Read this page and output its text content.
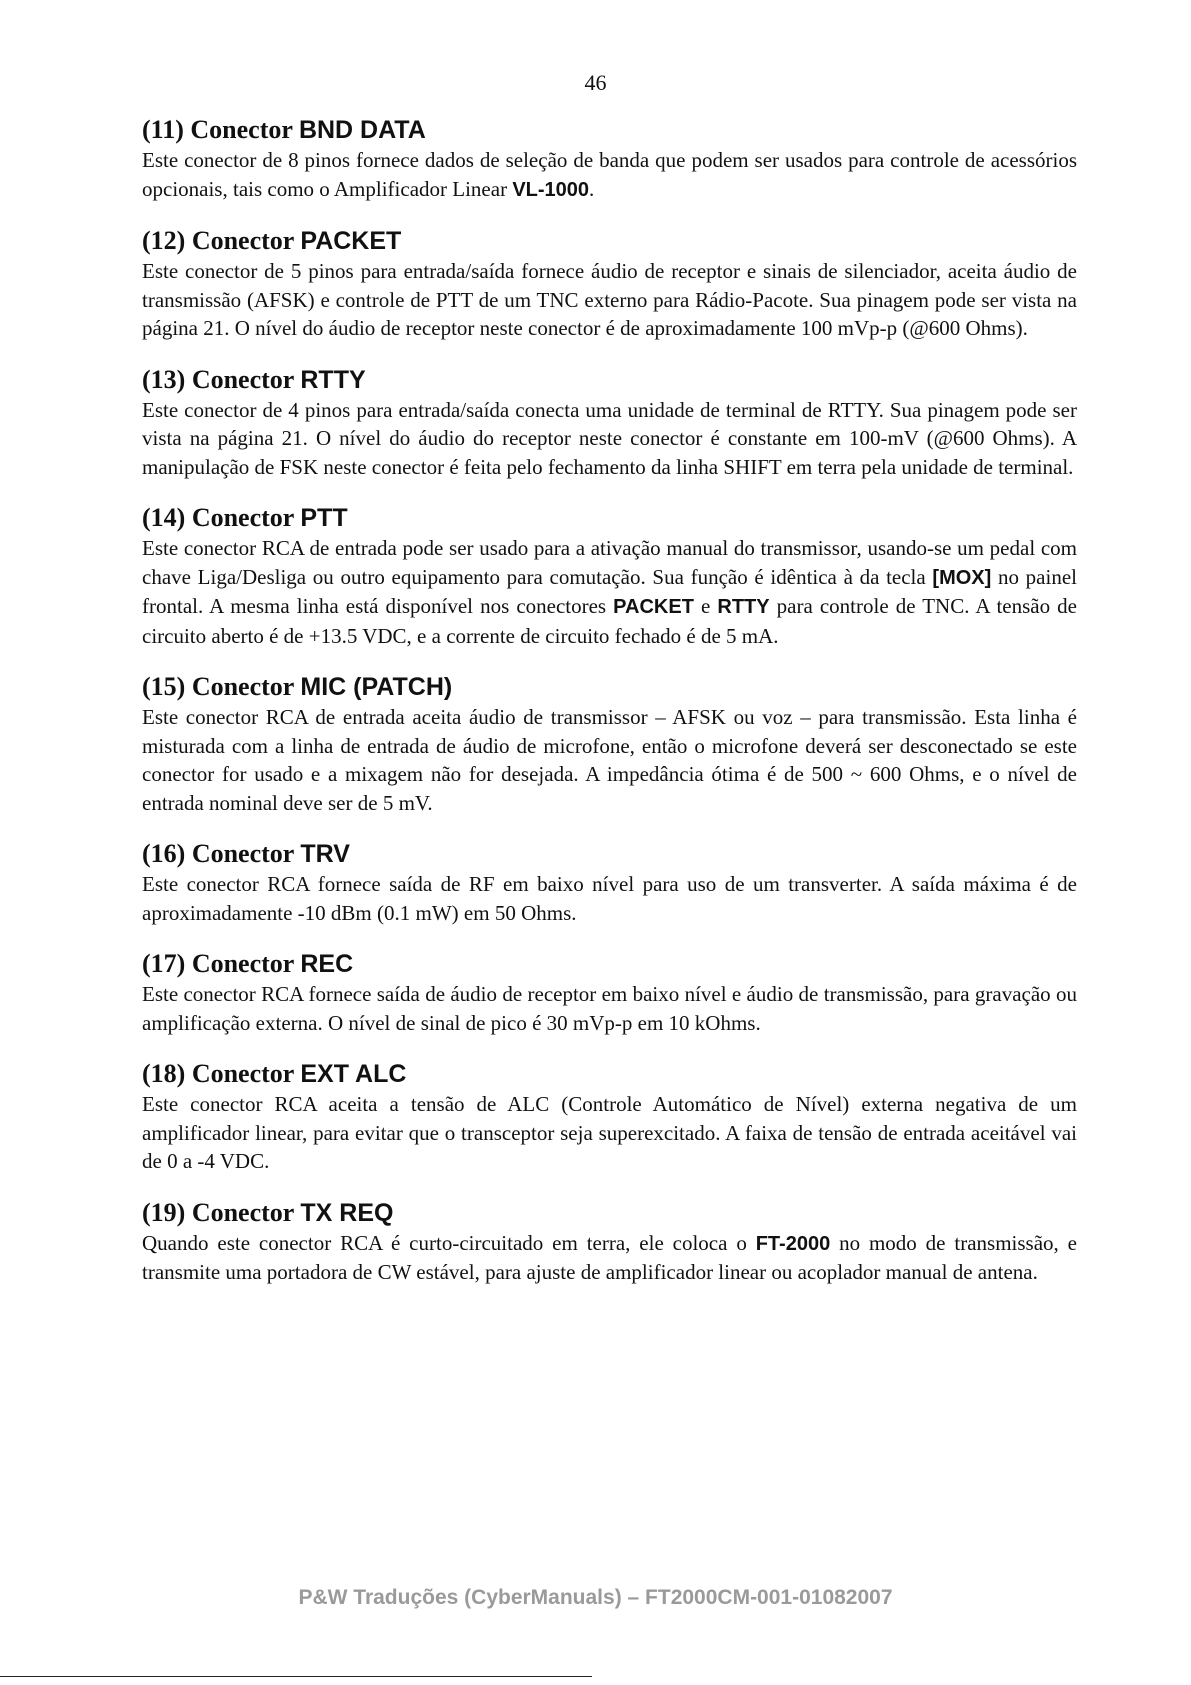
46
(11) Conector BND DATA

Este conector de 8 pinos fornece dados de seleção de banda que podem ser usados para controle de acessórios opcionais, tais como o Amplificador Linear VL-1000.

(12) Conector PACKET

Este conector de 5 pinos para entrada/saída fornece áudio de receptor e sinais de silenciador, aceita áudio de transmissão (AFSK) e controle de PTT de um TNC externo para Rádio-Pacote. Sua pinagem pode ser vista na página 21. O nível do áudio de receptor neste conector é de aproximadamente 100 mVp-p (@600 Ohms).

(13) Conector RTTY

Este conector de 4 pinos para entrada/saída conecta uma unidade de terminal de RTTY. Sua pinagem pode ser vista na página 21. O nível do áudio do receptor neste conector é constante em 100-mV (@600 Ohms). A manipulação de FSK neste conector é feita pelo fechamento da linha SHIFT em terra pela unidade de terminal.

(14) Conector PTT

Este conector RCA de entrada pode ser usado para a ativação manual do transmissor, usando-se um pedal com chave Liga/Desliga ou outro equipamento para comutação. Sua função é idêntica à da tecla [MOX] no painel frontal. A mesma linha está disponível nos conectores PACKET e RTTY para controle de TNC. A tensão de circuito aberto é de +13.5 VDC, e a corrente de circuito fechado é de 5 mA.

(15) Conector MIC (PATCH)

Este conector RCA de entrada aceita áudio de transmissor – AFSK ou voz – para transmissão. Esta linha é misturada com a linha de entrada de áudio de microfone, então o microfone deverá ser desconectado se este conector for usado e a mixagem não for desejada. A impedância ótima é de 500 ~ 600 Ohms, e o nível de entrada nominal deve ser de 5 mV.

(16) Conector TRV

Este conector RCA fornece saída de RF em baixo nível para uso de um transverter. A saída máxima é de aproximadamente -10 dBm (0.1 mW) em 50 Ohms.

(17) Conector REC

Este conector RCA fornece saída de áudio de receptor em baixo nível e áudio de transmissão, para gravação ou amplificação externa. O nível de sinal de pico é 30 mVp-p em 10 kOhms.

(18) Conector EXT ALC

Este conector RCA aceita a tensão de ALC (Controle Automático de Nível) externa negativa de um amplificador linear, para evitar que o transceptor seja superexcitado. A faixa de tensão de entrada aceitável vai de 0 a -4 VDC.

(19) Conector TX REQ

Quando este conector RCA é curto-circuitado em terra, ele coloca o FT-2000 no modo de transmissão, e transmite uma portadora de CW estável, para ajuste de amplificador linear ou acoplador manual de antena.

P&W Traduções (CyberManuals) – FT2000CM-001-01082007
